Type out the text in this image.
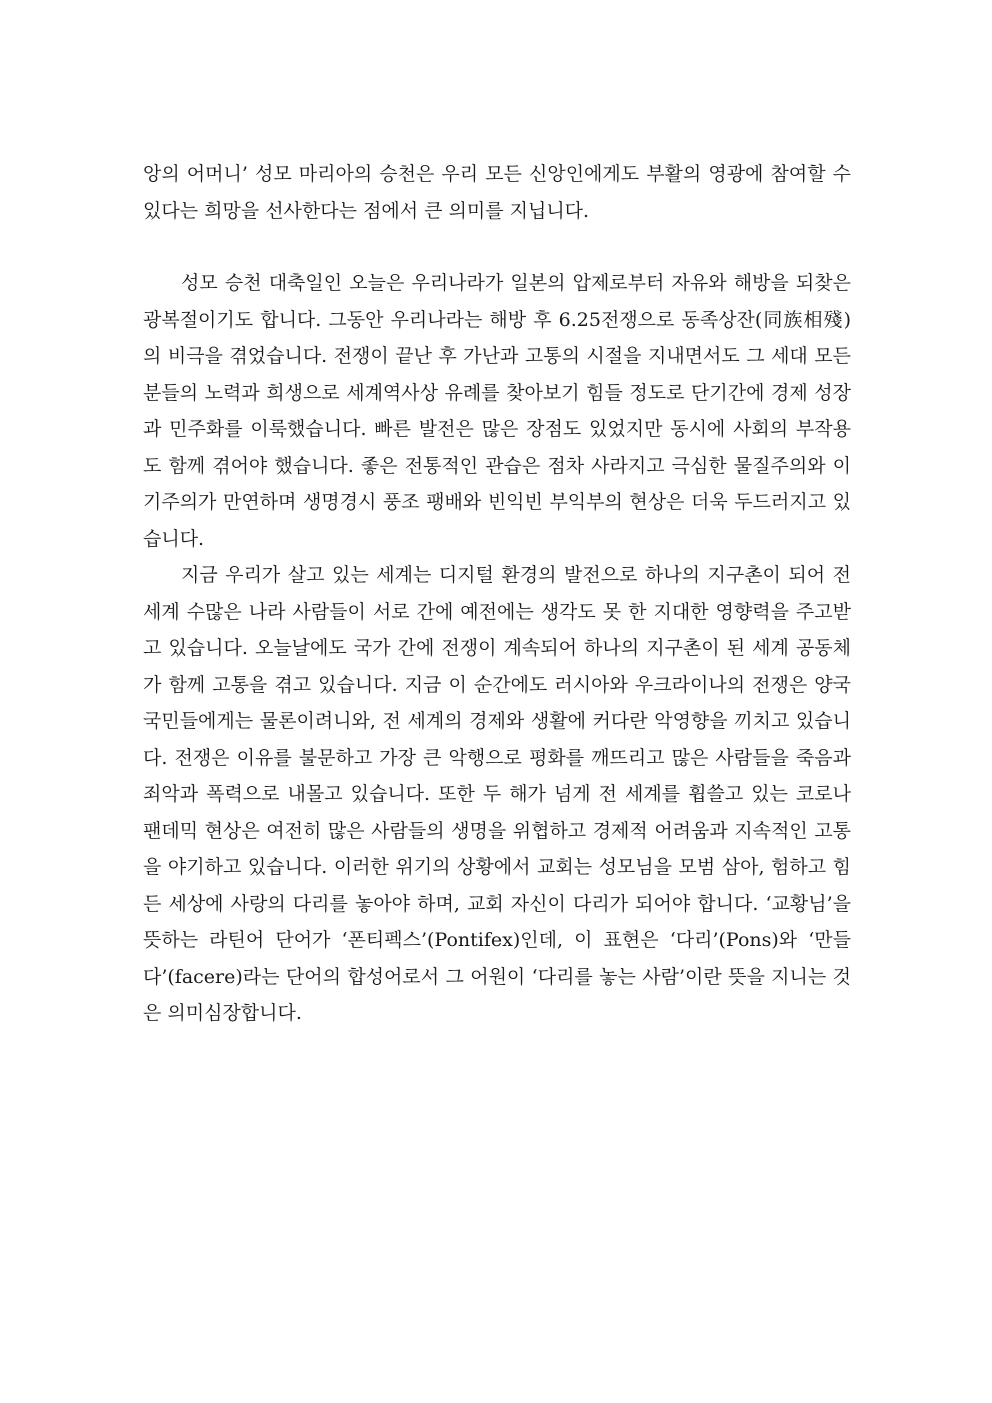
앙의 어머니’ 성모 마리아의 승천은 우리 모든 신앙인에게도 부활의 영광에 참여할 수 있다는 희망을 선사한다는 점에서 큰 의미를 지닙니다.

성모 승천 대축일인 오늘은 우리나라가 일본의 압제로부터 자유와 해방을 되찾은 광복절이기도 합니다. 그동안 우리나라는 해방 후 6.25전쟁으로 동족상잔(同族相殘)의 비극을 겪었습니다. 전쟁이 끝난 후 가난과 고통의 시절을 지내면서도 그 세대 모든 분들의 노력과 희생으로 세계역사상 유례를 찾아보기 힘들 정도로 단기간에 경제 성장과 민주화를 이룩했습니다. 빠른 발전은 많은 장점도 있었지만 동시에 사회의 부작용도 함께 겪어야 했습니다. 좋은 전통적인 관습은 점차 사라지고 극심한 물질주의와 이기주의가 만연하며 생명경시 풍조 팽배와 빈익빈 부익부의 현상은 더욱 두드러지고 있습니다.

지금 우리가 살고 있는 세계는 디지털 환경의 발전으로 하나의 지구촌이 되어 전 세계 수많은 나라 사람들이 서로 간에 예전에는 생각도 못 한 지대한 영향력을 주고받고 있습니다. 오늘날에도 국가 간에 전쟁이 계속되어 하나의 지구촌이 된 세계 공동체가 함께 고통을 겪고 있습니다. 지금 이 순간에도 러시아와 우크라이나의 전쟁은 양국 국민들에게는 물론이려니와, 전 세계의 경제와 생활에 커다란 악영향을 끼치고 있습니다. 전쟁은 이유를 불문하고 가장 큰 악행으로 평화를 깨뜨리고 많은 사람들을 죽음과 죄악과 폭력으로 내몰고 있습니다. 또한 두 해가 넘게 전 세계를 휩쓸고 있는 코로나 팬데믹 현상은 여전히 많은 사람들의 생명을 위협하고 경제적 어려움과 지속적인 고통을 야기하고 있습니다. 이러한 위기의 상황에서 교회는 성모님을 모범 삼아, 험하고 힘든 세상에 사랑의 다리를 놓아야 하며, 교회 자신이 다리가 되어야 합니다. ‘교황님’을 뜻하는 라틴어 단어가 ‘폰티펙스’(Pontifex)인데, 이 표현은 ‘다리’(Pons)와 ‘만들다’(facere)라는 단어의 합성어로서 그 어원이 ‘다리를 놓는 사람’이란 뜻을 지니는 것은 의미심장합니다.
